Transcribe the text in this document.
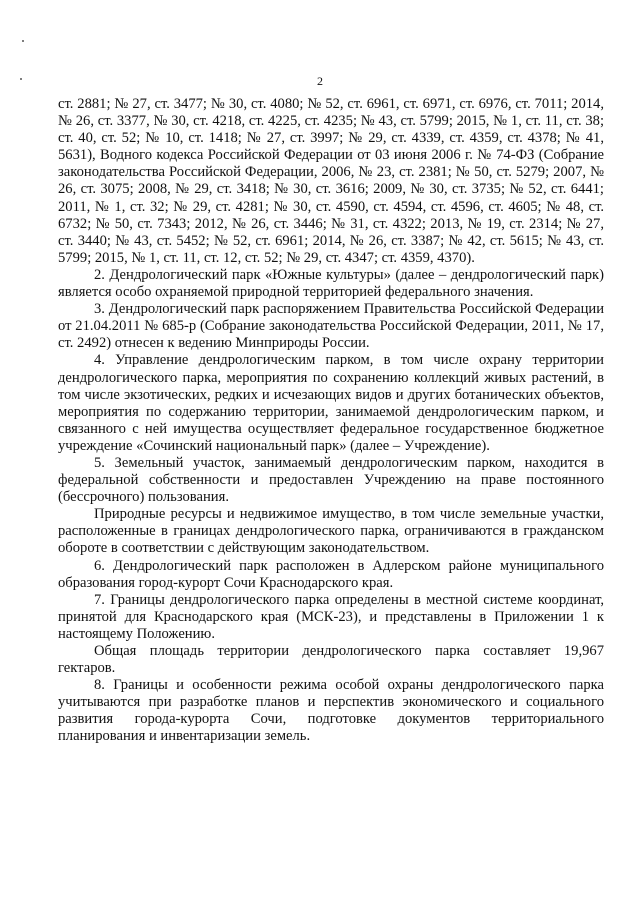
2

ст. 2881; № 27, ст. 3477; № 30, ст. 4080; № 52, ст. 6961, ст. 6971, ст. 6976, ст. 7011; 2014, № 26, ст. 3377, № 30, ст. 4218, ст. 4225, ст. 4235; № 43, ст. 5799; 2015, № 1, ст. 11, ст. 38; ст. 40, ст. 52; № 10, ст. 1418; № 27, ст. 3997; № 29, ст. 4339, ст. 4359, ст. 4378; № 41, 5631), Водного кодекса Российской Федерации от 03 июня 2006 г. № 74-ФЗ (Собрание законодательства Российской Федерации, 2006, № 23, ст. 2381; № 50, ст. 5279; 2007, № 26, ст. 3075; 2008, № 29, ст. 3418; № 30, ст. 3616; 2009, № 30, ст. 3735; № 52, ст. 6441; 2011, № 1, ст. 32; № 29, ст. 4281; № 30, ст. 4590, ст. 4594, ст. 4596, ст. 4605; № 48, ст. 6732; № 50, ст. 7343; 2012, № 26, ст. 3446; № 31, ст. 4322; 2013, № 19, ст. 2314; № 27, ст. 3440; № 43, ст. 5452; № 52, ст. 6961; 2014, № 26, ст. 3387; № 42, ст. 5615; № 43, ст. 5799; 2015, № 1, ст. 11, ст. 12, ст. 52; № 29, ст. 4347; ст. 4359, 4370).

2. Дендрологический парк «Южные культуры» (далее – дендрологический парк) является особо охраняемой природной территорией федерального значения.

3. Дендрологический парк распоряжением Правительства Российской Федерации от 21.04.2011 № 685-р (Собрание законодательства Российской Федерации, 2011, № 17, ст. 2492) отнесен к ведению Минприроды России.

4. Управление дендрологическим парком, в том числе охрану территории дендрологического парка, мероприятия по сохранению коллекций живых растений, в том числе экзотических, редких и исчезающих видов и других ботанических объектов, мероприятия по содержанию территории, занимаемой дендрологическим парком, и связанного с ней имущества осуществляет федеральное государственное бюджетное учреждение «Сочинский национальный парк» (далее – Учреждение).

5. Земельный участок, занимаемый дендрологическим парком, находится в федеральной собственности и предоставлен Учреждению на праве постоянного (бессрочного) пользования.

Природные ресурсы и недвижимое имущество, в том числе земельные участки, расположенные в границах дендрологического парка, ограничиваются в гражданском обороте в соответствии с действующим законодательством.

6. Дендрологический парк расположен в Адлерском районе муниципального образования город-курорт Сочи Краснодарского края.

7. Границы дендрологического парка определены в местной системе координат, принятой для Краснодарского края (МСК-23), и представлены в Приложении 1 к настоящему Положению.

Общая площадь территории дендрологического парка составляет 19,967 гектаров.

8. Границы и особенности режима особой охраны дендрологического парка учитываются при разработке планов и перспектив экономического и социального развития города-курорта Сочи, подготовке документов территориального планирования и инвентаризации земель.
